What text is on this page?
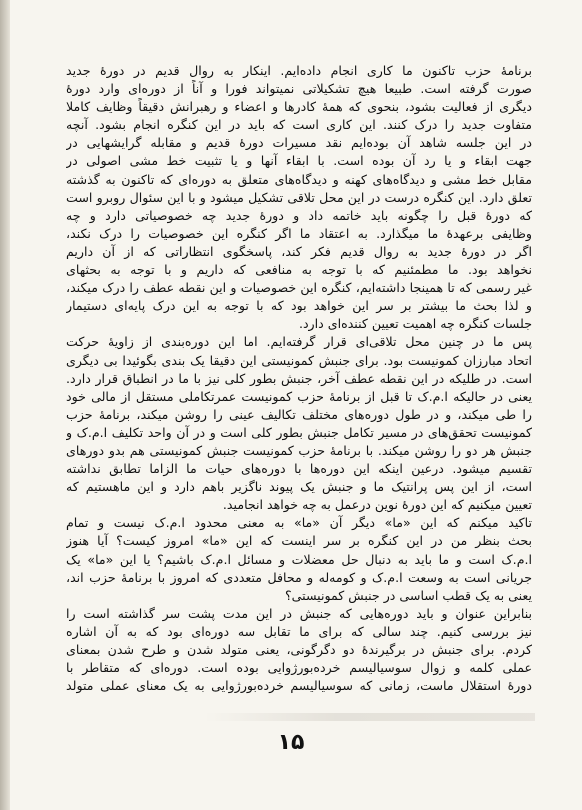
برنامهٔ حزب تاکنون ما کاری انجام داده‌ایم. اینکار به روال قدیم در دورهٔ جدید
صورت گرفته است. طبیعا هیچ تشکیلاتی نمیتواند فورا و آناً از دوره‌ای وارد دورهٔ
دیگری از فعالیت بشود، بنحوی که همهٔ کادرها و اعضاء و رهبرانش دقیقاً وظایف کاملا
متفاوت جدید را درک کنند. این کاری است که باید در این کنگره انجام بشود. آنچه
در این جلسه شاهد آن بوده‌ایم نقد مسیرات دورهٔ قدیم و مقابله گرایشهایی در
جهت ابقاء و یا رد آن بوده است. با ابقاء آنها و یا تثبیت خط مشی اصولی در
مقابل خط مشی و دیدگاه‌های کهنه و دیدگاه‌های متعلق به دوره‌ای که تاکنون به گذشته
تعلق دارد. این کنگره درست در این محل تلاقی تشکیل میشود و با این سئوال روبرو است
که دورهٔ قبل را چگونه باید خاتمه داد و دورهٔ جدید چه خصوصیاتی دارد و چه
وظایفی برعهده‌ٔ ما میگذارد. به اعتقاد ما اگر کنگره این خصوصیات را درک نکند،
اگر در دورهٔ جدید به روال قدیم فکر کند، پاسخگوی انتظاراتی که از آن داریم
نخواهد بود. ما مطمئنیم که با توجه به منافعی که داریم و با توجه به بحثهای
غیر رسمی که تا همینجا داشته‌ایم، کنگره این خصوصیات و این نقطه عطف را درک میکند،
و لذا بحث ما بیشتر بر سر این خواهد بود که با توجه به این درک پایه‌ای دستیمار
جلسات کنگره چه اهمیت تعیین کننده‌ای دارد.

پس ما در چنین محل تلاقی‌ای قرار گرفته‌ایم. اما این دوره‌بندی از زاویهٔ حرکت
اتحاد مبارزان کمونیست بود. برای جنبش کمونیستی این دقیقا یک بندی بگوئیدا بی دیگری
است. در طلیکه در این نقطه عطف آخر، جنبش بطور کلی نیز با ما در انطباق قرار دارد.
یعنی در حالیکه ا.م.ک تا قبل از برنامهٔ حزب کمونیست عمرتکاملی مستقل از مالی خود
را طی میکند، و در طول دوره‌های مختلف تکالیف عینی را روشن میکند، برنامهٔ حزب
کمونیست تحقق‌های در مسیر تکامل جنبش بطور کلی است و در آن واحد تکلیف ا.م.ک و
جنبش هر دو را روشن میکند. با برنامهٔ حزب کمونیست جنبش کمونیستی هم بدو دورهای
تقسیم میشود. درعین اینکه این دوره‌ها با دوره‌های حیات ما الزاما تطابق نداشته
است، از این پس پرانتیک ما و جنبش یک پیوند ناگزیر باهم دارد و این ماهستیم که
تعیین میکنیم که این دورهٔ نوین درعمل به چه خواهد انجامید.

تاکید میکنم که این «ما» دیگر آن «ما» به معنی محدود ا.م.ک نیست و تمام
بحث بنظر من در این کنگره بر سر اینست که این «ما» امروز کیست؟ آیا هنوز
ا.م.ک است و ما باید به دنبال حل معضلات و مسائل ا.م.ک باشیم؟ یا این «ما» یک
جریانی است به وسعت ا.م.ک و کومه‌له و محافل متعددی که امروز با برنامهٔ حزب اند،
یعنی به یک قطب اساسی در جنبش کمونیستی؟

بنابراین عنوان و باید دوره‌هایی که جنبش در این مدت پشت سر گذاشته است را
نیز بررسی کنیم. چند سالی که برای ما تقابل سه دوره‌ای بود که به آن اشاره
کردم. برای جنبش در برگیرندهٔ دو دگرگونی، یعنی متولد شدن و طرح شدن بمعنای
عملی کلمه و زوال سوسیالیسم خرده‌بورژوایی بوده است. دوره‌ای که متقاطر با
دورهٔ استقلال ماست، زمانی که سوسیالیسم خرده‌بورژوایی به یک معنای عملی متولد

۱۵
